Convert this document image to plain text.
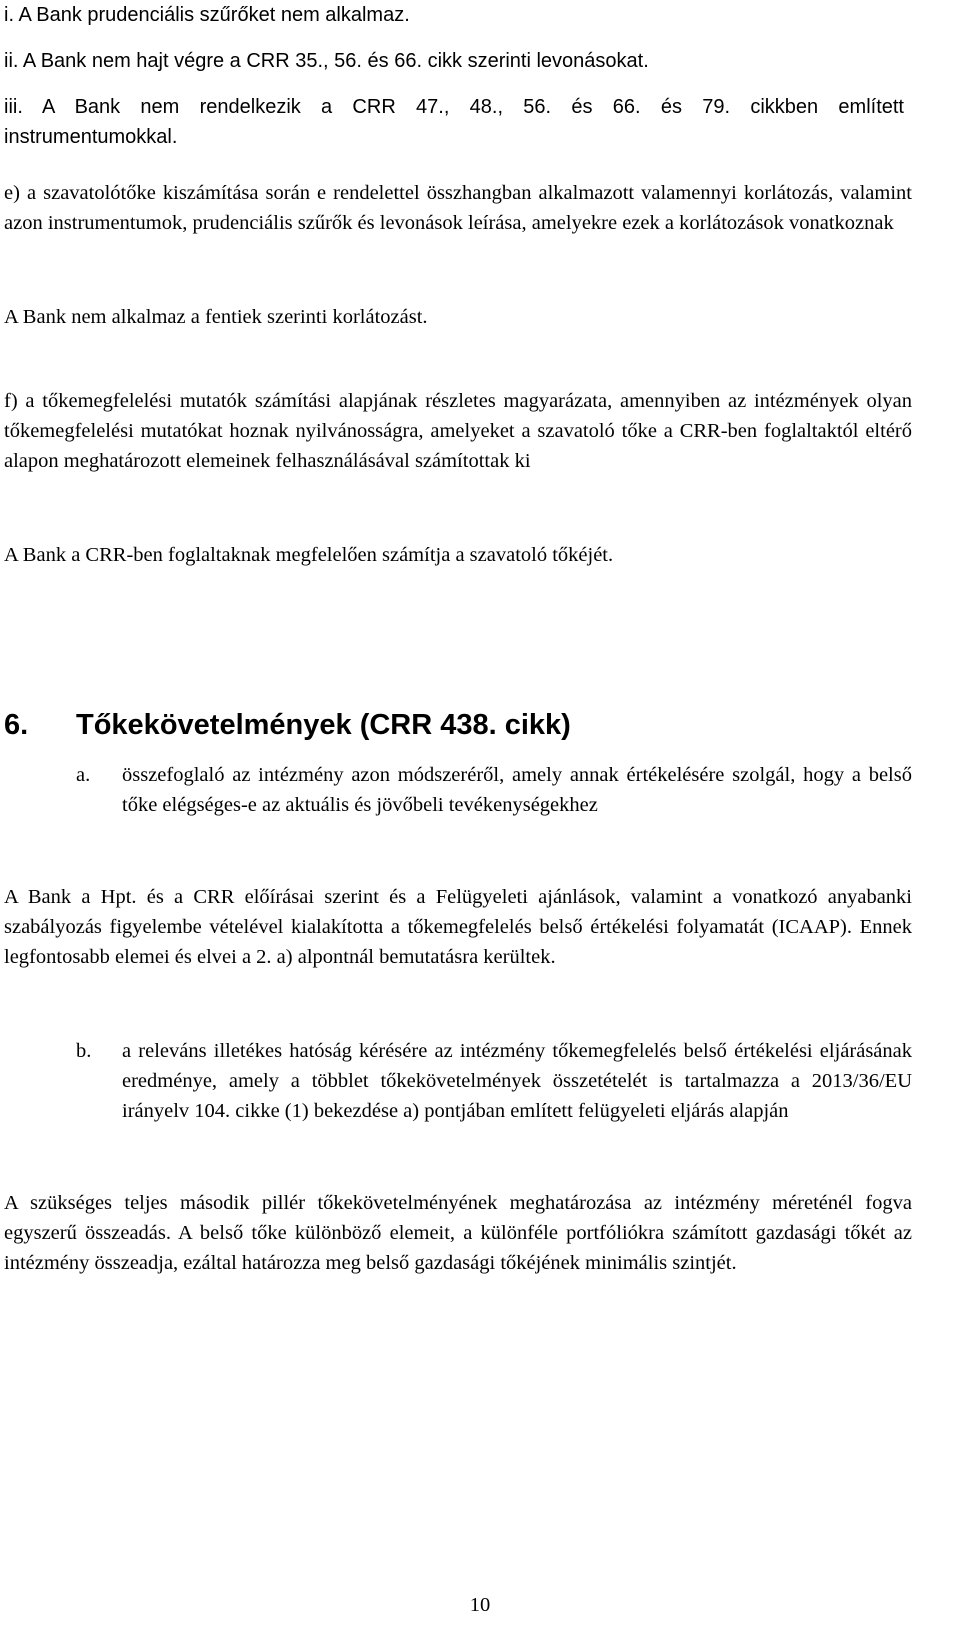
i. A Bank prudenciális szűrőket nem alkalmaz.

ii. A Bank nem hajt végre a CRR 35., 56. és 66. cikk szerinti levonásokat.

iii. A Bank nem rendelkezik a CRR 47., 48., 56. és 66. és 79. cikkben említett instrumentumokkal.

e) a szavatolótőke kiszámítása során e rendelettel összhangban alkalmazott valamennyi korlátozás, valamint azon instrumentumok, prudenciális szűrők és levonások leírása, amelyekre ezek a korlátozások vonatkoznak

A Bank nem alkalmaz a fentiek szerinti korlátozást.

f) a tőkemegfelelési mutatók számítási alapjának részletes magyarázata, amennyiben az intézmények olyan tőkemegfelelési mutatókat hoznak nyilvánosságra, amelyeket a szavatoló tőke a CRR-ben foglaltaktól eltérő alapon meghatározott elemeinek felhasználásával számítottak ki

A Bank a CRR-ben foglaltaknak megfelelően számítja a szavatoló tőkéjét.

6. Tőkekövetelmények (CRR 438. cikk)

a. összefoglaló az intézmény azon módszeréről, amely annak értékelésére szolgál, hogy a belső tőke elégséges-e az aktuális és jövőbeli tevékenységekhez

A Bank a Hpt. és a CRR előírásai szerint és a Felügyeleti ajánlások, valamint a vonatkozó anyabanki szabályozás figyelembe vételével kialakította a tőkemegfelelés belső értékelési folyamatát (ICAAP). Ennek legfontosabb elemei és elvei a 2. a) alpontnál bemutatásra kerültek.

b. a releváns illetékes hatóság kérésére az intézmény tőkemegfelelés belső értékelési eljárásának eredménye, amely a többlet tőkekövetelmények összetételét is tartalmazza a 2013/36/EU irányelv 104. cikke (1) bekezdése a) pontjában említett felügyeleti eljárás alapján

A szükséges teljes második pillér tőkekövetelményének meghatározása az intézmény méreténél fogva egyszerű összeadás. A belső tőke különböző elemeit, a különféle portfóliókra számított gazdasági tőkét az intézmény összeadja, ezáltal határozza meg belső gazdasági tőkéjének minimális szintjét.

10
